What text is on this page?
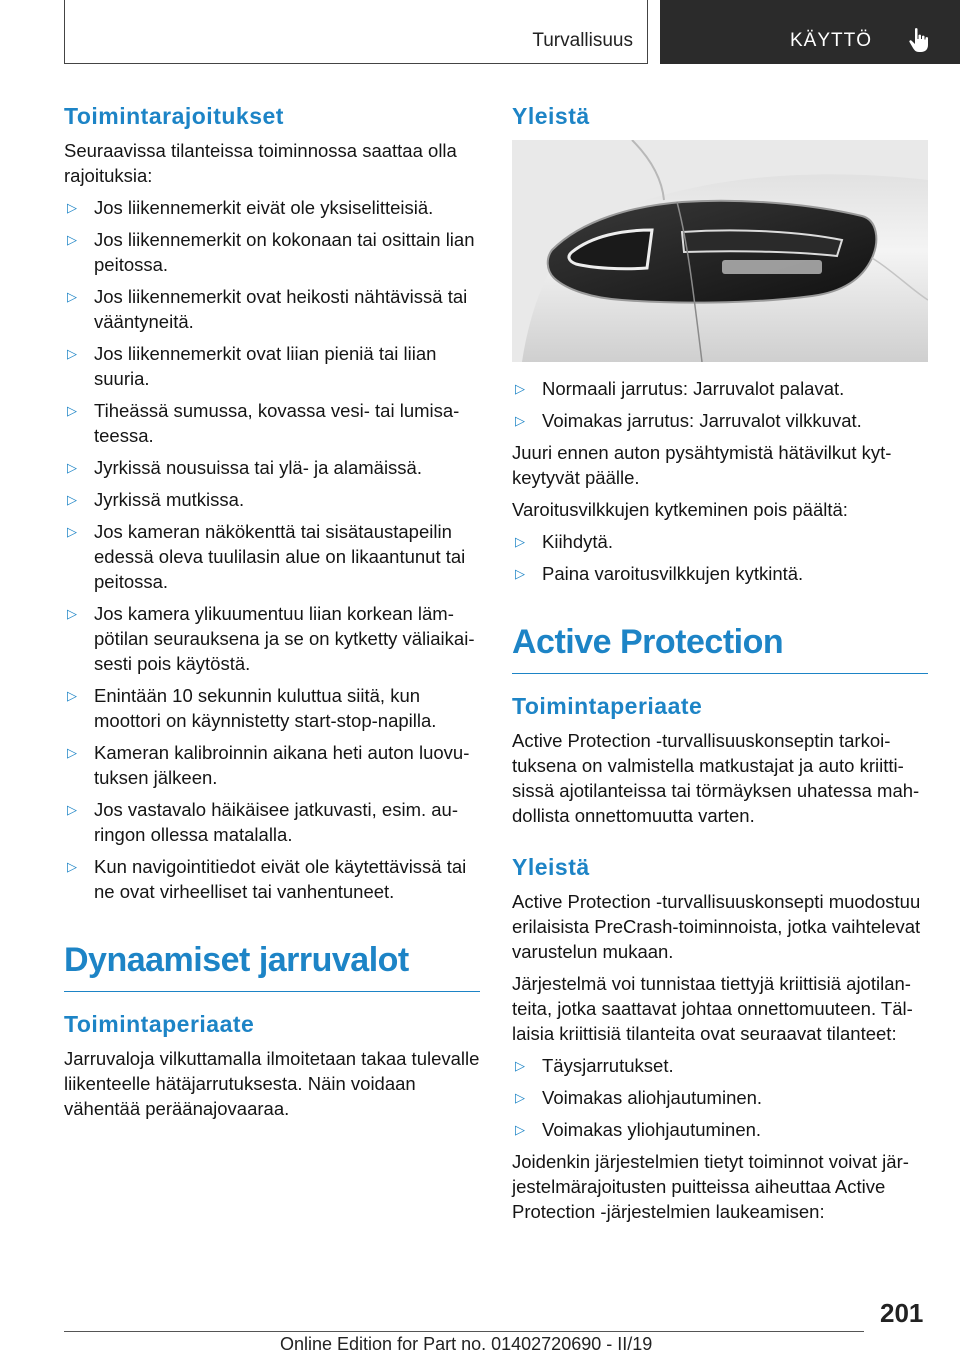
Turvallisuus	KÄYTTÖ
Toimintarajoitukset

Seuraavissa tilanteissa toiminnossa saattaa olla rajoituksia:

▷ Jos liikennemerkit eivät ole yksiselitteisiä.
▷ Jos liikennemerkit on kokonaan tai osittain lian peitossa.
▷ Jos liikennemerkit ovat heikosti nähtävissä tai vääntyneitä.
▷ Jos liikennemerkit ovat liian pieniä tai liian suuria.
▷ Tiheässä sumussa, kovassa vesi- tai lumisateessa.
▷ Jyrkissä nousuissa tai ylä- ja alamäissä.
▷ Jyrkissä mutkissa.
▷ Jos kameran näkökenttä tai sisätaustapeilin edessä oleva tuulilasin alue on likaantunut tai peitossa.
▷ Jos kamera ylikuumentuu liian korkean lämpötilan seurauksena ja se on kytketty väliaikaisesti pois käytöstä.
▷ Enintään 10 sekunnin kuluttua siitä, kun moottori on käynnistetty start-stop-napilla.
▷ Kameran kalibroinnin aikana heti auton luovutuksen jälkeen.
▷ Jos vastavalo häikäisee jatkuvasti, esim. auringon ollessa matalalla.
▷ Kun navigointitiedot eivät ole käytettävissä tai ne ovat virheelliset tai vanhentuneet.
Dynaamiset jarruvalot
Toimintaperiaate

Jarruvaloja vilkuttamalla ilmoitetaan takaa tulevalle liikenteelle hätäjarrutuksesta. Näin voidaan vähentää peräänajovaaraa.

Yleistä
▷ Normaali jarrutus: Jarruvalot palavat.
▷ Voimakas jarrutus: Jarruvalot vilkkuvat.

Juuri ennen auton pysähtymistä hätävilkut kytkeytyvät päälle.

Varoitusvilkkujen kytkeminen pois päältä:

▷ Kiihdytä.
▷ Paina varoitusvilkkujen kytkintä.
Active Protection
Toimintaperiaate

Active Protection -turvallisuuskonseptin tarkoituksena on valmistella matkustajat ja auto kriittisissä ajotilanteissa tai törmäyksen uhatessa mahdollista onnettomuutta varten.

Yleistä

Active Protection -turvallisuuskonsepti muodostuu erilaisista PreCrash-toiminnoista, jotka vaihtelevat varustelun mukaan.

Järjestelmä voi tunnistaa tiettyjä kriittisiä ajotilanteita, jotka saattavat johtaa onnettomuuteen. Tällaisia kriittisiä tilanteita ovat seuraavat tilanteet:

▷ Täysjarrutukset.
▷ Voimakas aliohjautuminen.
▷ Voimakas yliohjautuminen.

Joidenkin järjestelmien tietyt toiminnot voivat järjestelmärajoitusten puitteissa aiheuttaa Active Protection -järjestelmien laukeamisen:

201
Online Edition for Part no. 01402720690 - II/19
